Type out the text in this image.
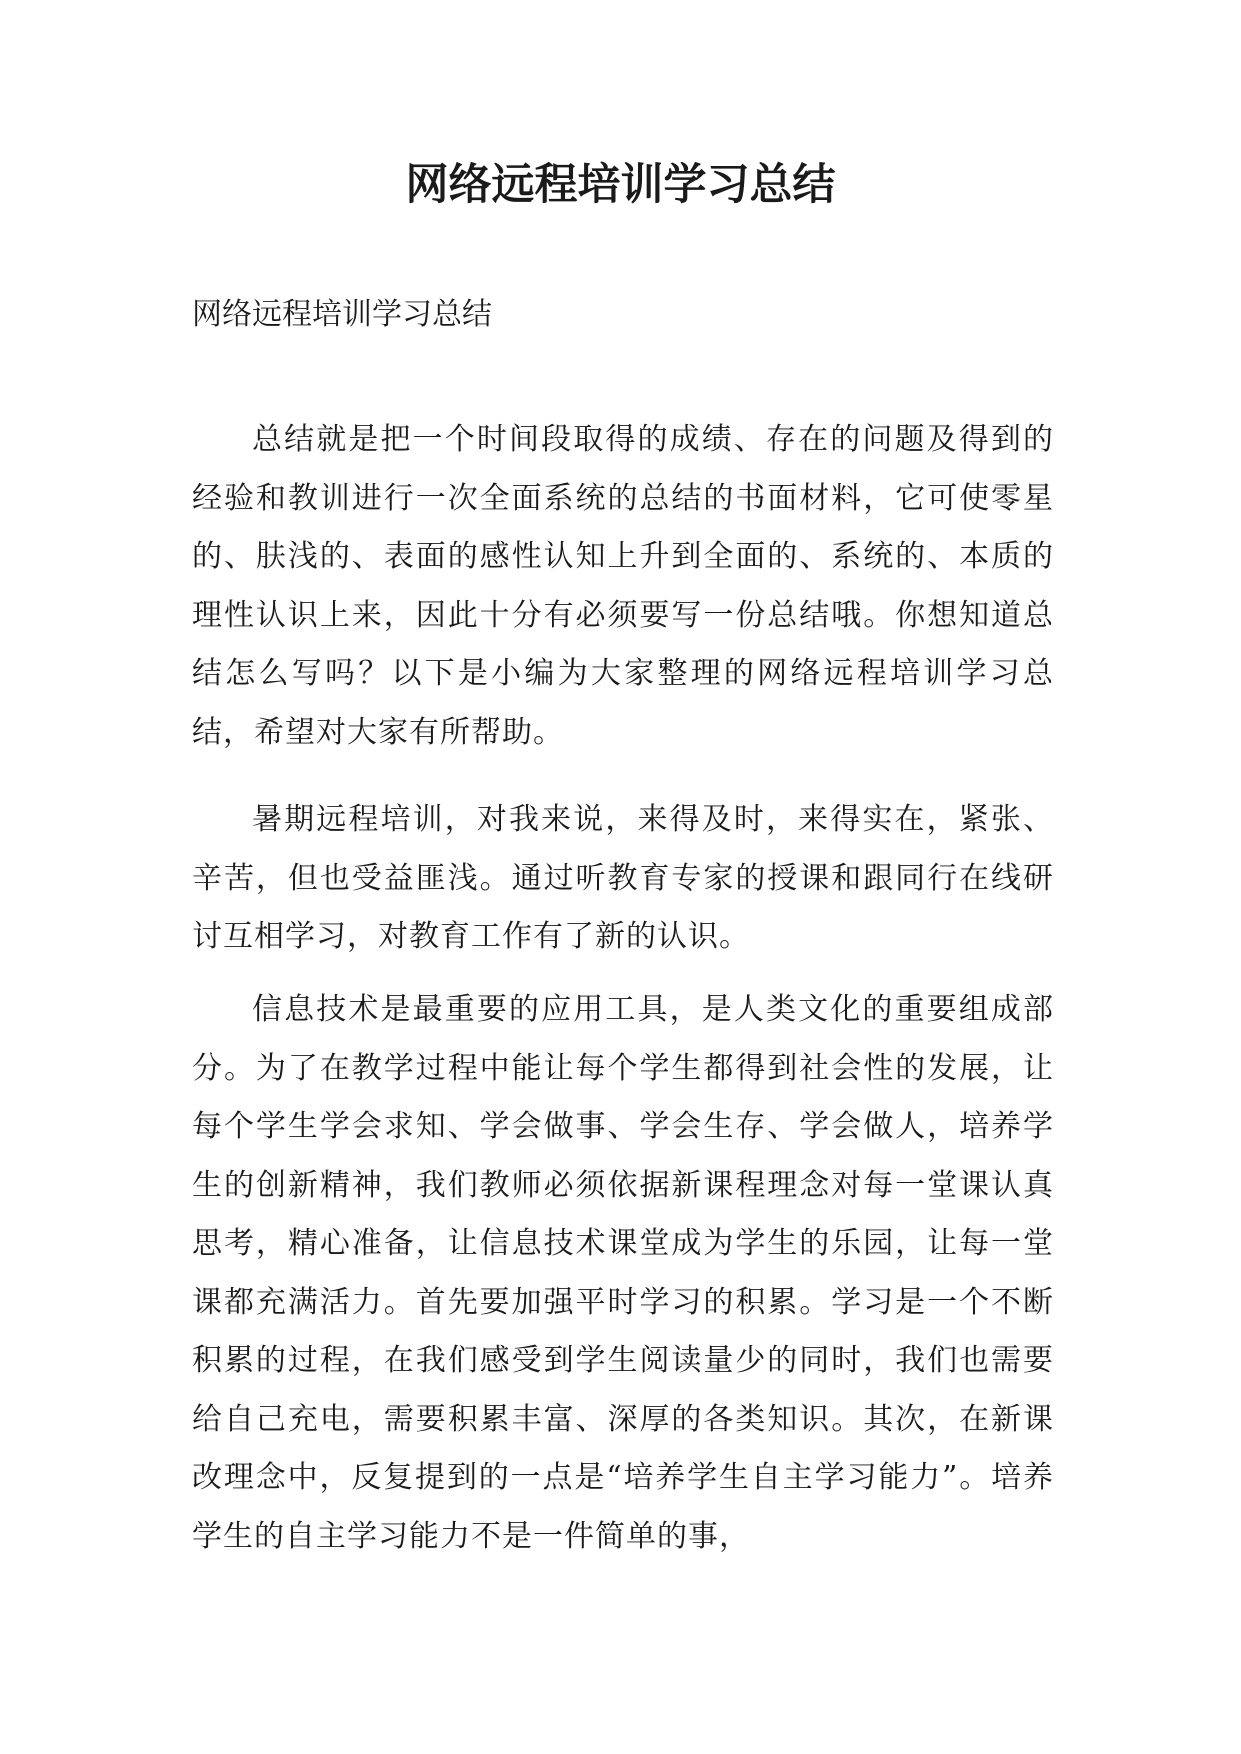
网络远程培训学习总结

网络远程培训学习总结

总结就是把一个时间段取得的成绩、存在的问题及得到的经验和教训进行一次全面系统的总结的书面材料，它可使零星的、肤浅的、表面的感性认知上升到全面的、系统的、本质的理性认识上来，因此十分有必须要写一份总结哦。你想知道总结怎么写吗？以下是小编为大家整理的网络远程培训学习总结，希望对大家有所帮助。

暑期远程培训，对我来说，来得及时，来得实在，紧张、辛苦，但也受益匪浅。通过听教育专家的授课和跟同行在线研讨互相学习，对教育工作有了新的认识。

信息技术是最重要的应用工具，是人类文化的重要组成部分。为了在教学过程中能让每个学生都得到社会性的发展，让每个学生学会求知、学会做事、学会生存、学会做人，培养学生的创新精神，我们教师必须依据新课程理念对每一堂课认真思考，精心准备，让信息技术课堂成为学生的乐园，让每一堂课都充满活力。首先要加强平时学习的积累。学习是一个不断积累的过程，在我们感受到学生阅读量少的同时，我们也需要给自己充电，需要积累丰富、深厚的各类知识。其次，在新课改理念中，反复提到的一点是“培养学生自主学习能力”。培养学生的自主学习能力不是一件简单的事，
